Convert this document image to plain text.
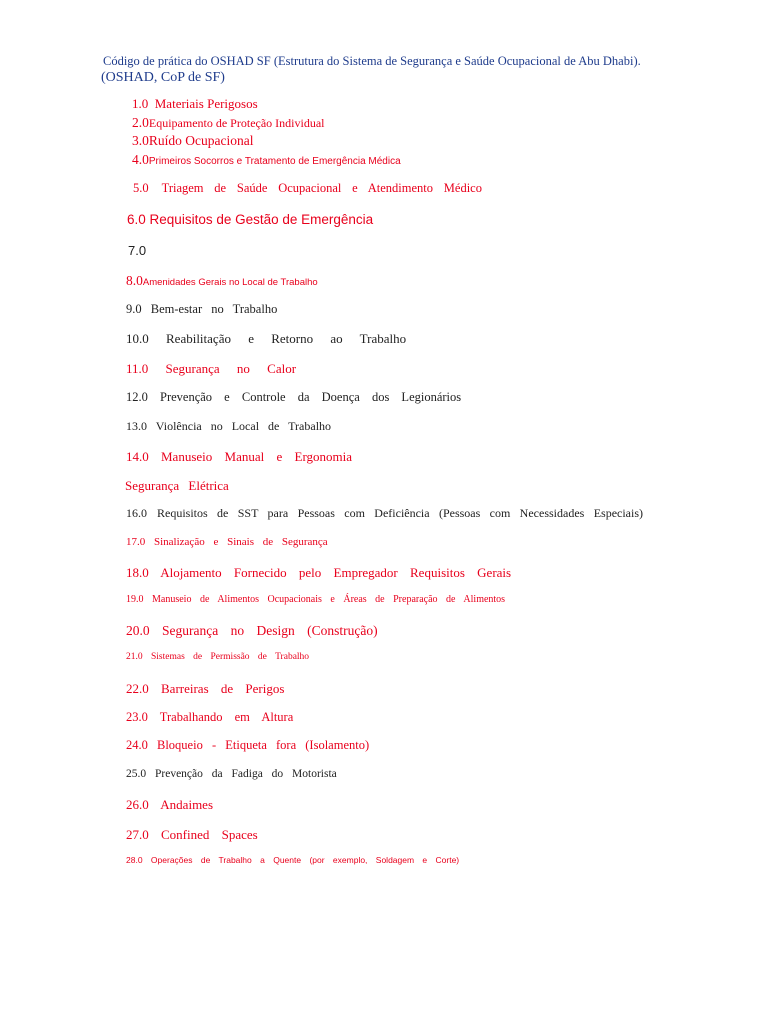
Código de prática do OSHAD SF (Estrutura do Sistema de Segurança e Saúde Ocupacional de Abu Dhabi).
(OSHAD, CoP de SF)
1.0 Materiais Perigosos
2.0Equipamento de Proteção Individual
3.0Ruído Ocupacional
4.0Primeiros Socorros e Tratamento de Emergência Médica
5.0 Triagem de Saúde Ocupacional e Atendimento Médico
6.0 Requisitos de Gestão de Emergência
7.0
8.0Amenidades Gerais no Local de Trabalho
9.0 Bem-estar no Trabalho
10.0 Reabilitação e Retorno ao Trabalho
11.0 Segurança no Calor
12.0 Prevenção e Controle da Doença dos Legionários
13.0 Violência no Local de Trabalho
14.0 Manuseio Manual e Ergonomia
Segurança Elétrica
16.0 Requisitos de SST para Pessoas com Deficiência (Pessoas com Necessidades Especiais)
17.0 Sinalização e Sinais de Segurança
18.0 Alojamento Fornecido pelo Empregador Requisitos Gerais
19.0 Manuseio de Alimentos Ocupacionais e Áreas de Preparação de Alimentos
20.0 Segurança no Design (Construção)
21.0 Sistemas de Permissão de Trabalho
22.0 Barreiras de Perigos
23.0 Trabalhando em Altura
24.0 Bloqueio - Etiqueta fora (Isolamento)
25.0 Prevenção da Fadiga do Motorista
26.0 Andaimes
27.0 Confined Spaces
28.0 Operações de Trabalho a Quente (por exemplo, Soldagem e Corte)
